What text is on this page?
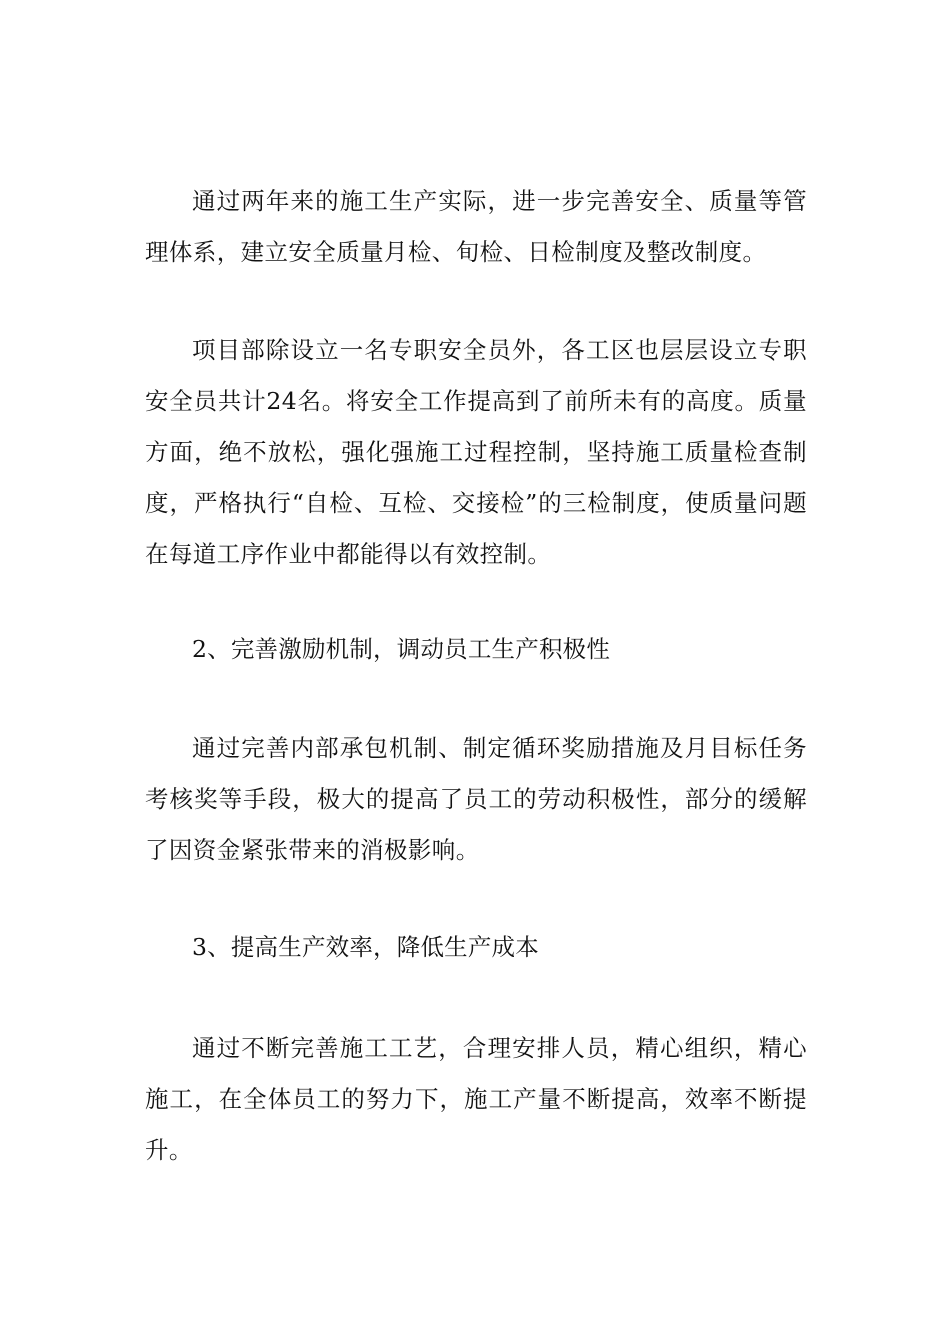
通过两年来的施工生产实际，进一步完善安全、质量等管理体系，建立安全质量月检、旬检、日检制度及整改制度。

项目部除设立一名专职安全员外，各工区也层层设立专职安全员共计24名。将安全工作提高到了前所未有的高度。质量方面，绝不放松，强化强施工过程控制，坚持施工质量检查制度，严格执行“自检、互检、交接检”的三检制度，使质量问题在每道工序作业中都能得以有效控制。

2、完善激励机制，调动员工生产积极性

通过完善内部承包机制、制定循环奖励措施及月目标任务考核奖等手段，极大的提高了员工的劳动积极性，部分的缓解了因资金紧张带来的消极影响。

3、提高生产效率，降低生产成本

通过不断完善施工工艺，合理安排人员，精心组织，精心施工，在全体员工的努力下，施工产量不断提高，效率不断提升。
